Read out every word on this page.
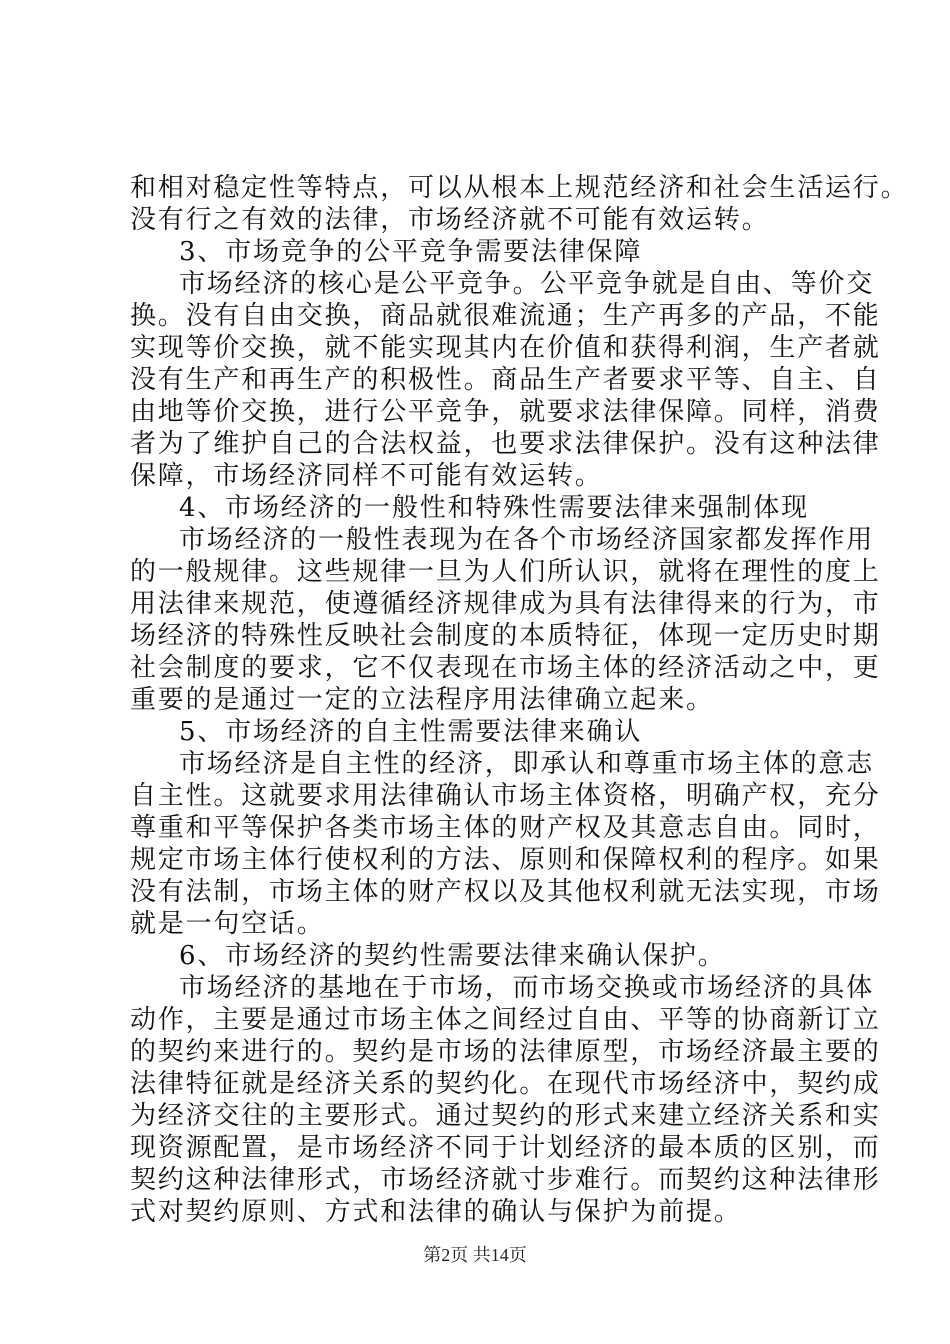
和相对稳定性等特点，可以从根本上规范经济和社会生活运行。
没有行之有效的法律，市场经济就不可能有效运转。

3、市场竞争的公平竞争需要法律保障

市场经济的核心是公平竞争。公平竞争就是自由、等价交
换。没有自由交换，商品就很难流通；生产再多的产品，不能
实现等价交换，就不能实现其内在价值和获得利润，生产者就
没有生产和再生产的积极性。商品生产者要求平等、自主、自
由地等价交换，进行公平竞争，就要求法律保障。同样，消费
者为了维护自己的合法权益，也要求法律保护。没有这种法律
保障，市场经济同样不可能有效运转。

4、市场经济的一般性和特殊性需要法律来强制体现

市场经济的一般性表现为在各个市场经济国家都发挥作用
的一般规律。这些规律一旦为人们所认识，就将在理性的度上
用法律来规范，使遵循经济规律成为具有法律得来的行为，市
场经济的特殊性反映社会制度的本质特征，体现一定历史时期
社会制度的要求，它不仅表现在市场主体的经济活动之中，更
重要的是通过一定的立法程序用法律确立起来。

5、市场经济的自主性需要法律来确认

市场经济是自主性的经济，即承认和尊重市场主体的意志
自主性。这就要求用法律确认市场主体资格，明确产权，充分
尊重和平等保护各类市场主体的财产权及其意志自由。同时，
规定市场主体行使权利的方法、原则和保障权利的程序。如果
没有法制，市场主体的财产权以及其他权利就无法实现，市场
就是一句空话。

6、市场经济的契约性需要法律来确认保护。

市场经济的基地在于市场，而市场交换或市场经济的具体
动作，主要是通过市场主体之间经过自由、平等的协商新订立
的契约来进行的。契约是市场的法律原型，市场经济最主要的
法律特征就是经济关系的契约化。在现代市场经济中，契约成
为经济交往的主要形式。通过契约的形式来建立经济关系和实
现资源配置，是市场经济不同于计划经济的最本质的区别，而
契约这种法律形式，市场经济就寸步难行。而契约这种法律形
式对契约原则、方式和法律的确认与保护为前提。

第2页 共14页
